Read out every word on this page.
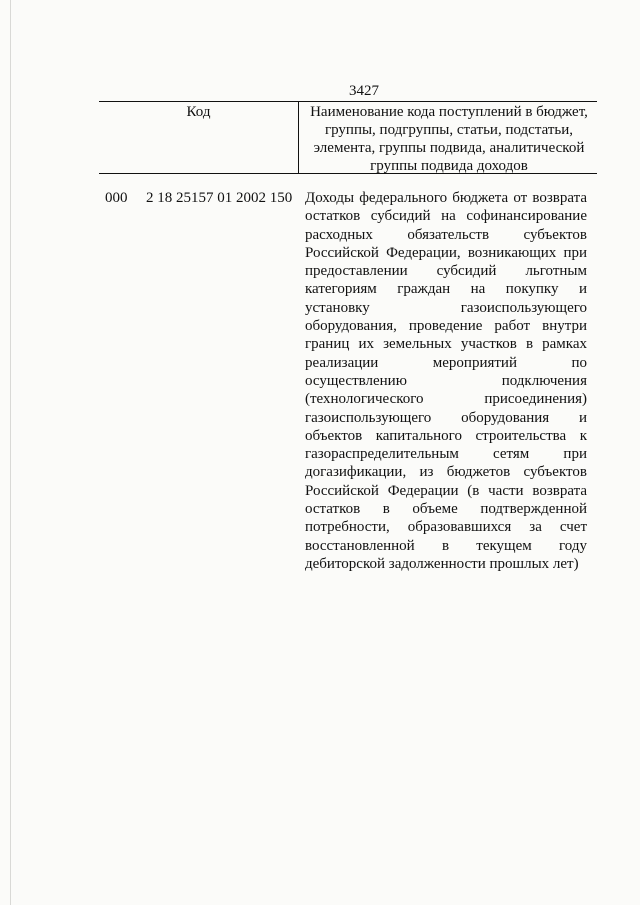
3427
Код	Наименование кода поступлений в бюджет, группы, подгруппы, статьи, подстатьи, элемента, группы подвида, аналитической группы подвида доходов
000 2 18 25157 01 2002 150 Доходы федерального бюджета от возврата остатков субсидий на софинансирование расходных обязательств субъектов Российской Федерации, возникающих при предоставлении субсидий льготным категориям граждан на покупку и установку газоиспользующего оборудования, проведение работ внутри границ их земельных участков в рамках реализации мероприятий по осуществлению подключения (технологического присоединения) газоиспользующего оборудования и объектов капитального строительства к газораспределительным сетям при догазификации, из бюджетов субъектов Российской Федерации (в части возврата остатков в объеме подтвержденной потребности, образовавшихся за счет восстановленной в текущем году дебиторской задолженности прошлых лет)
